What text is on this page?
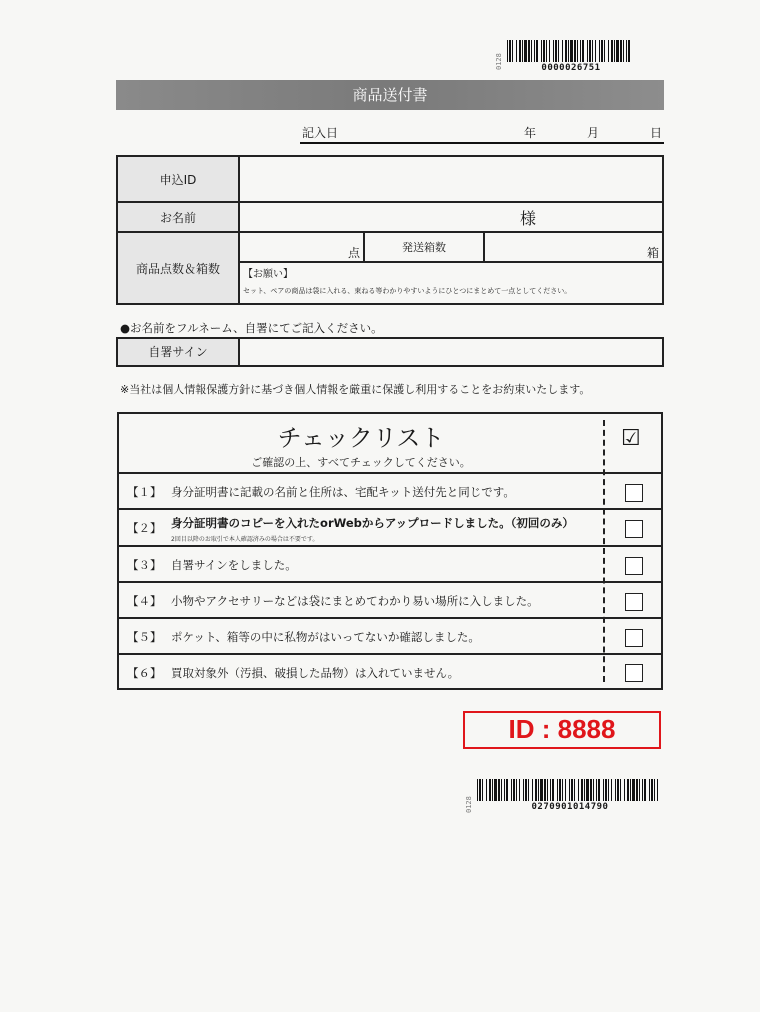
0000026751
0128
商品送付書
記入日	年	月	日
申込ID			
お名前	様		

商品点数＆箱数	点	発送箱数	箱

	【お願い】
セット、ペアの商品は袋に入れる、束ねる等わかりやすいようにひとつにまとめて一点としてください。		
●お名前をフルネーム、自署にてご記入ください。
自署サイン
※当社は個人情報保護方針に基づき個人情報を厳重に保護し利用することをお約束いたします。
チェックリスト
ご確認の上、すべてチェックしてください。
☑
【１】 身分証明書に記載の名前と住所は、宅配キット送付先と同じです。
【２】 身分証明書のコピーを入れたorWebからアップロードしました。（初回のみ）
2回目以降のお取引で本人確認済みの場合は不要です。
【３】 自署サインをしました。
【４】 小物やアクセサリーなどは袋にまとめてわかり易い場所に入しました。
【５】 ポケット、箱等の中に私物がはいってないか確認しました。
【６】 買取対象外（汚損、破損した品物）は入れていません。
ID : 8888
0270901014790
0128
